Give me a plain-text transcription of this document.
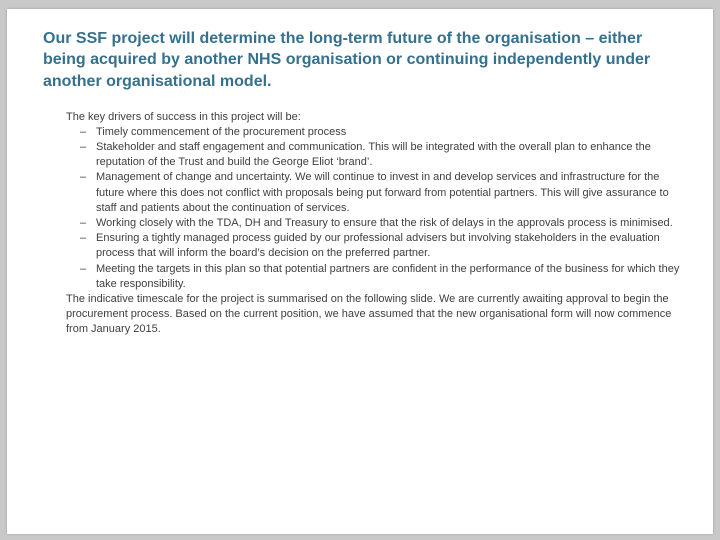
Our SSF project will determine the long-term future of the organisation – either being acquired by another NHS organisation or continuing independently under another organisational model.

The key drivers of success in this project will be:

– Timely commencement of the procurement process
– Stakeholder and staff engagement and communication. This will be integrated with the overall plan to enhance the reputation of the Trust and build the George Eliot ‘brand’.
– Management of change and uncertainty. We will continue to invest in and develop services and infrastructure for the future where this does not conflict with proposals being put forward from potential partners. This will give assurance to staff and patients about the continuation of services.
– Working closely with the TDA, DH and Treasury to ensure that the risk of delays in the approvals process is minimised.
– Ensuring a tightly managed process guided by our professional advisers but involving stakeholders in the evaluation process that will inform the board’s decision on the preferred partner.
– Meeting the targets in this plan so that potential partners are confident in the performance of the business for which they take responsibility.

The indicative timescale for the project is summarised on the following slide. We are currently awaiting approval to begin the procurement process. Based on the current position, we have assumed that the new organisational form will now commence from January 2015.
